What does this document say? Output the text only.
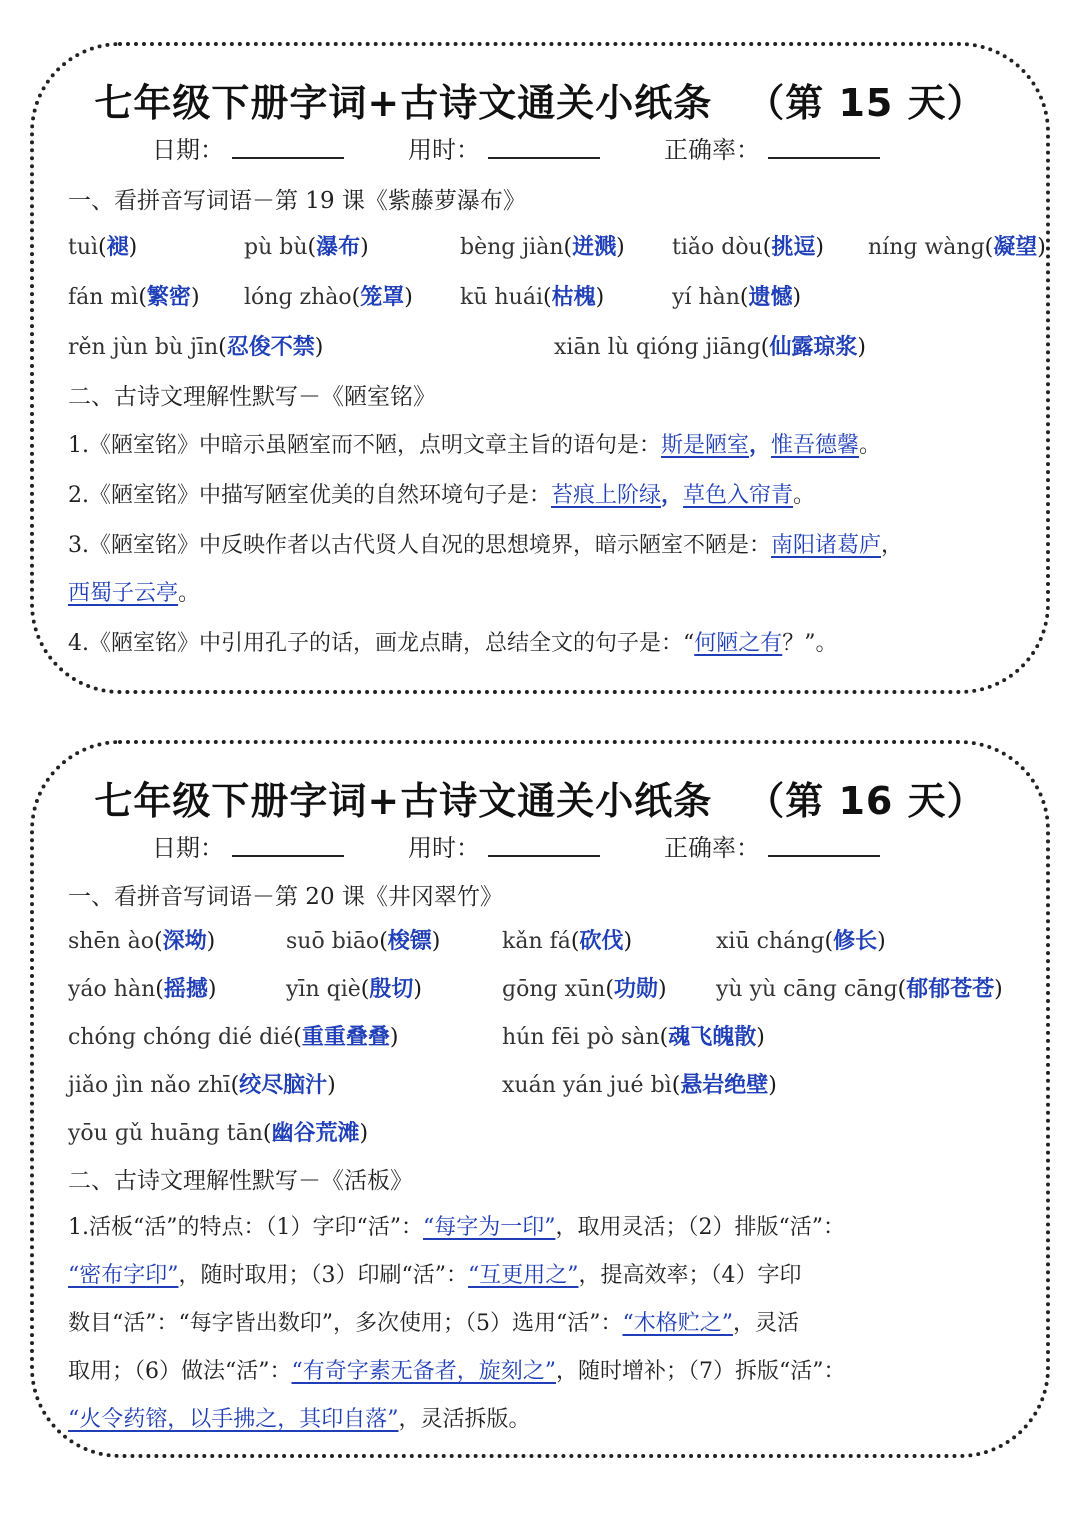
七年级下册字词+古诗文通关小纸条 （第 15 天）
日期：	用时：	正确率：
一、看拼音写词语－第 19 课《紫藤萝瀑布》
tuì(褪)	pù bù(瀑布)	bèng jiàn(迸溅) tiǎo dòu(挑逗) nínɡ wànɡ(凝望)
fán mì(繁密) lónɡ zhào(笼罩) kū huái(枯槐)	yí hàn(遗憾)
rěn jùn bù jīn(忍俊不禁)	xiān lù qiónɡ jiānɡ(仙露琼浆)
二、古诗文理解性默写－《陋室铭》
1.《陋室铭》中暗示虽陋室而不陋，点明文章主旨的语句是：斯是陋室，惟吾德馨。
2.《陋室铭》中描写陋室优美的自然环境句子是：苔痕上阶绿，草色入帘青。
3.《陋室铭》中反映作者以古代贤人自况的思想境界，暗示陋室不陋是：南阳诸葛庐，
西蜀子云亭。
4.《陋室铭》中引用孔子的话，画龙点睛，总结全文的句子是：“何陋之有？”。
七年级下册字词+古诗文通关小纸条 （第 16 天）
日期：	用时：	正确率：
一、看拼音写词语－第 20 课《井冈翠竹》
shēn ào(深坳)	suō biāo(梭镖)	kǎn fá(砍伐)	xiū chánɡ(修长)
yáo hàn(摇撼)	yīn qiè(殷切)	ɡōnɡ xūn(功勋) yù yù cānɡ cānɡ(郁郁苍苍)
chónɡ chónɡ dié dié(重重叠叠)	hún fēi pò sàn(魂飞魄散)
jiǎo jìn nǎo zhī(绞尽脑汁)	xuán yán jué bì(悬岩绝壁)
yōu ɡǔ huānɡ tān(幽谷荒滩)
二、古诗文理解性默写－《活板》
1.活板“活”的特点：（1）字印“活”：“每字为一印”，取用灵活；（2）排版“活”：
“密布字印”，随时取用；（3）印刷“活”：“互更用之”，提高效率；（4）字印
数目“活”：“每字皆出数印”，多次使用；（5）选用“活”：“木格贮之”，灵活
取用；（6）做法“活”：“有奇字素无备者，旋刻之”，随时增补；（7）拆版“活”：
“火令药镕，以手拂之，其印自落”，灵活拆版。
